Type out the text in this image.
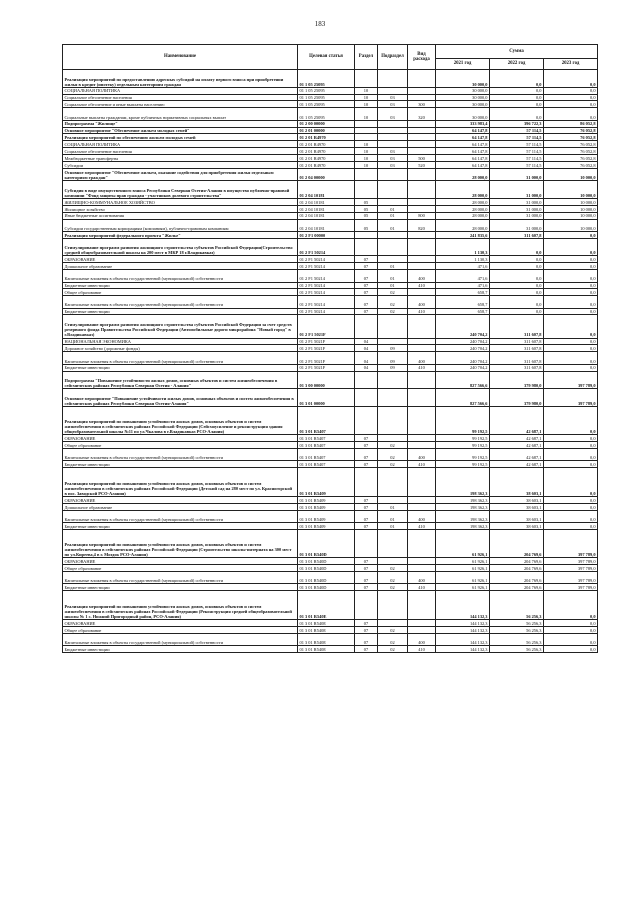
183
Наименование	Целевая статья	Раздел	Подраздел	Вид расхода	Сумма		
					2021 год	2022 год	2023 год
Реализация мероприятий по предоставлению адресных субсидий на оплату первого взноса при приобретении жилья в кредит (ипотеку) отдельным категориям граждан	01 1 05 25095				30 000,0	0,0	0,0
СОЦИАЛЬНАЯ ПОЛИТИКА	01 1 05 25095	10			30 000,0	0,0	0,0
Социальное обеспечение населения	01 1 05 25095	10	03		30 000,0	0,0	0,0
Социальное обеспечение и иные выплаты населению	01 1 05 25095	10	03	300	30 000,0	0,0	0,0
Социальные выплаты гражданам, кроме публичных нормативных социальных выплат	01 1 05 25095	10	03	320	30 000,0	0,0	0,0
Подпрограмма "Жилище"	01 2 00 00000				333 983,4	396 722,3	86 052,8
Основное мероприятие "Обеспечение жильем молодых семей"	01 2 01 00000				64 147,8	57 114,5	76 052,8
Реализация мероприятий по обеспечению жильем молодых семей	01 2 01 R4970				64 147,8	57 114,5	76 052,8
СОЦИАЛЬНАЯ ПОЛИТИКА	01 2 01 R4970	10			64 147,8	57 114,5	76 052,8
Социальное обеспечение населения	01 2 01 R4970	10	03		64 147,8	57 114,5	76 052,8
Межбюджетные трансферты	01 2 01 R4970	10	03	500	64 147,8	57 114,5	76 052,8
Субсидии	01 2 01 R4970	10	03	520	64 147,8	57 114,5	76 052,8
Основное мероприятие "Обеспечение жильем, оказание содействия для приобретения жилья отдельным категориям граждан"	01 2 04 00000				28 000,0	31 000,0	10 000,0
Субсидия в виде имущественного взноса Республики Северная Осетия-Алания в имущество публично-правовой компании "Фонд защиты прав граждан - участников долевого строительства"	01 2 04 10181				28 000,0	31 000,0	10 000,0
ЖИЛИЩНО-КОММУНАЛЬНОЕ ХОЗЯЙСТВО	01 2 04 10181	05			28 000,0	31 000,0	10 000,0
Жилищное хозяйство	01 2 04 10181	05	01		28 000,0	31 000,0	10 000,0
Иные бюджетные ассигнования	01 2 04 10181	05	01	800	28 000,0	31 000,0	10 000,0
Субсидии государственным корпорациям (компаниям), публично-правовым компаниям	01 2 04 10181	05	01	820	28 000,0	31 000,0	10 000,0
Реализация мероприятий федерального проекта "Жилье"	01 2 F1 00000				241 835,6	311 607,8	0,0
Стимулирование программ развития жилищного строительства субъектов Российской Федерации(Строительство средней общеобразовательной школы на 200 мест в МКР 18 г.Владикавказ)	01 2 F1 50214				1 130,3	0,0	0,0
ОБРАЗОВАНИЕ	01 2 F1 50214	07			1 130,3	0,0	0,0
Дошкольное образование	01 2 F1 50214	07	01		471,6	0,0	0,0
Капитальные вложения в объекты государственной (муниципальной) собственности	01 2 F1 50214	07	01	400	471,6	0,0	0,0
Бюджетные инвестиции	01 2 F1 50214	07	01	410	471,6	0,0	0,0
Общее образование	01 2 F1 50214	07	02		658,7	0,0	0,0
Капитальные вложения в объекты государственной (муниципальной) собственности	01 2 F1 50214	07	02	400	658,7	0,0	0,0
Бюджетные инвестиции	01 2 F1 50214	07	02	410	658,7	0,0	0,0
Стимулирование программ развития жилищного строительства субъектов Российской Федерации за счет средств резервного фонда Правительства Российской Федерации (Автомобильные дороги микрорайона "Новый город" в г.Владикавказ)	01 2 F1 5021F				240 704,2	311 607,8	0,0
НАЦИОНАЛЬНАЯ ЭКОНОМИКА	01 2 F1 5021F	04			240 704,2	311 607,8	0,0
Дорожное хозяйство (дорожные фонды)	01 2 F1 5021F	04	09		240 704,2	311 607,8	0,0
Капитальные вложения в объекты государственной (муниципальной) собственности	01 2 F1 5021F	04	09	400	240 704,2	311 607,8	0,0
Бюджетные инвестиции	01 2 F1 5021F	04	09	410	240 704,2	311 607,8	0,0
Подпрограмма "Повышение устойчивости жилых домов, основных объектов и систем жизнеобеспечения в сейсмических районах Республики Северная Осетия - Алания"	01 3 00 00000				827 566,6	379 980,0	397 789,0
Основное мероприятие "Повышение устойчивости жилых домов, основных объектов и систем жизнеобеспечения в сейсмических районах Республики Северная Осетия-Алания"	01 3 01 00000				827 566,6	379 980,0	397 789,0
Реализация мероприятий по повышению устойчивости жилых домов, основных объектов и систем жизнеобеспечения в сейсмических районах Российской Федерации (Сейсмоусиление и реконструкция здания общеобразовательной школы №11 по ул.Чкалова в г.Владикавказ РСО-Алания)	01 3 01 R5407				99 192,5	42 687,1	0,0
ОБРАЗОВАНИЕ	01 3 01 R5407	07			99 192,5	42 687,1	0,0
Общее образование	01 3 01 R5407	07	02		99 192,5	42 687,1	0,0
Капитальные вложения в объекты государственной (муниципальной) собственности	01 3 01 R5407	07	02	400	99 192,5	42 687,1	0,0
Бюджетные инвестиции	01 3 01 R5407	07	02	410	99 192,5	42 687,1	0,0
Реализация мероприятий по повышению устойчивости жилых домов, основных объектов и систем жизнеобеспечения в сейсмических районах Российской Федерации (Детский сад на 280 мест по ул. Красногорской в пос. Заводской РСО-Алания)	01 3 01 R5409				198 362,3	38 603,1	0,0
ОБРАЗОВАНИЕ	01 3 01 R5409	07			198 362,3	38 603,1	0,0
Дошкольное образование	01 3 01 R5409	07	01		198 362,3	38 603,1	0,0
Капитальные вложения в объекты государственной (муниципальной) собственности	01 3 01 R5409	07	01	400	198 362,3	38 603,1	0,0
Бюджетные инвестиции	01 3 01 R5409	07	01	410	198 362,3	38 603,1	0,0
Реализация мероприятий по повышению устойчивости жилых домов, основных объектов и систем жизнеобеспечения в сейсмических районах Российской Федерации (Строительство школы-интерната на 300 мест по ул.Киреева,4 в г. Моздок РСО-Алания)	01 3 01 R540D				61 926,1	204 769,6	397 789,0
ОБРАЗОВАНИЕ	01 3 01 R540D	07			61 926,1	204 769,6	397 789,0
Общее образование	01 3 01 R540D	07	02		61 926,1	204 769,6	397 789,0
Капитальные вложения в объекты государственной (муниципальной) собственности	01 3 01 R540D	07	02	400	61 926,1	204 769,6	397 789,0
Бюджетные инвестиции	01 3 01 R540D	07	02	410	61 926,1	204 769,6	397 789,0
Реализация мероприятий по повышению устойчивости жилых домов, основных объектов и систем жизнеобеспечения в сейсмических районах Российской Федерации (Реконструкция средней общеобразовательной школы № 1 с. Нижний Пригородный район, РСО-Алания)	01 3 01 R540E				144 132,3	56 256,3	0,0
ОБРАЗОВАНИЕ	01 3 01 R540E	07			144 132,3	56 256,3	0,0
Общее образование	01 3 01 R540E	07	02		144 132,3	56 256,3	0,0
Капитальные вложения в объекты государственной (муниципальной) собственности	01 3 01 R540E	07	02	400	144 132,3	56 256,3	0,0
Бюджетные инвестиции	01 3 01 R540E	07	02	410	144 132,3	56 256,3	0,0
